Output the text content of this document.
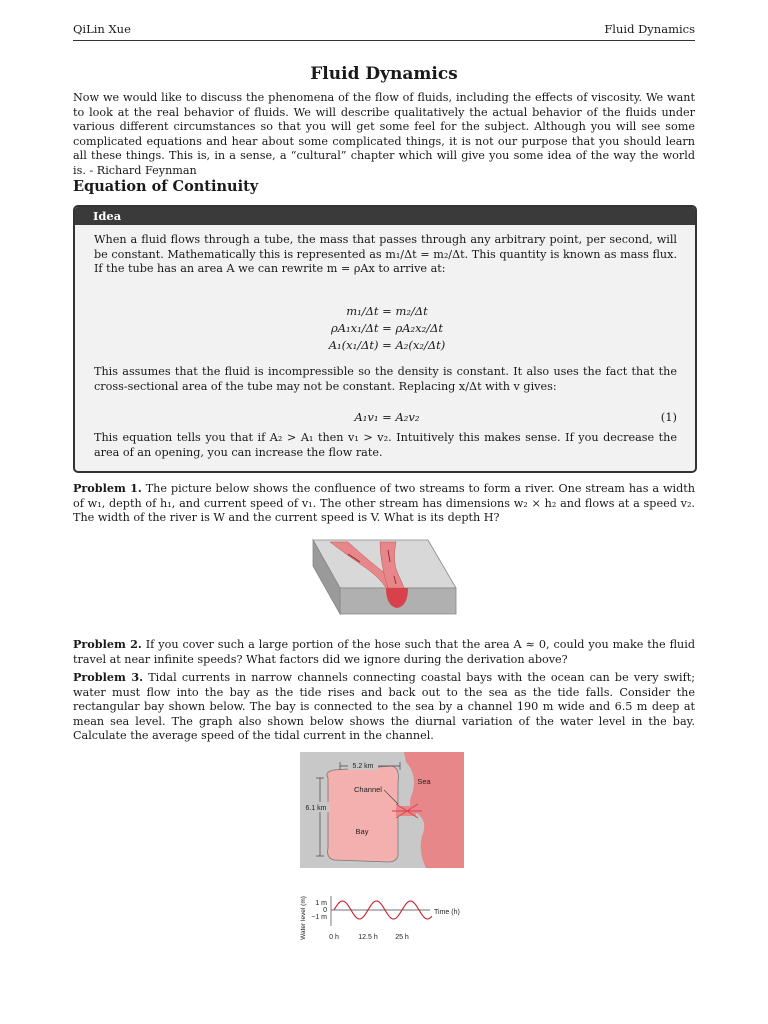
QiLin Xue	Fluid Dynamics
Fluid Dynamics
Now we would like to discuss the phenomena of the flow of fluids, including the effects of viscosity. We want to look at the real behavior of fluids. We will describe qualitatively the actual behavior of the fluids under various different circumstances so that you will get some feel for the subject. Although you will see some complicated equations and hear about some complicated things, it is not our purpose that you should learn all these things. This is, in a sense, a “cultural” chapter which will give you some idea of the way the world is. - Richard Feynman
Equation of Continuity
Idea
When a fluid flows through a tube, the mass that passes through any arbitrary point, per second, will be constant. Mathematically this is represented as m₁/Δt = m₂/Δt. This quantity is known as mass flux. If the tube has an area A we can rewrite m = ρAx to arrive at:
m₁/Δt = m₂/Δt
ρA₁x₁/Δt = ρA₂x₂/Δt
A₁(x₁/Δt) = A₂(x₂/Δt)
This assumes that the fluid is incompressible so the density is constant. It also uses the fact that the cross-sectional area of the tube may not be constant. Replacing x/Δt with v gives:
A₁v₁ = A₂v₂	(1)
This equation tells you that if A₂ > A₁ then v₁ > v₂. Intuitively this makes sense. If you decrease the area of an opening, you can increase the flow rate.
Problem 1. The picture below shows the confluence of two streams to form a river. One stream has a width of w₁, depth of h₁, and current speed of v₁. The other stream has dimensions w₂ × h₂ and flows at a speed v₂. The width of the river is W and the current speed is V. What is its depth H?
Problem 2. If you cover such a large portion of the hose such that the area A ≈ 0, could you make the fluid travel at near infinite speeds? What factors did we ignore during the derivation above?
Problem 3. Tidal currents in narrow channels connecting coastal bays with the ocean can be very swift; water must flow into the bay as the tide rises and back out to the sea as the tide falls. Consider the rectangular bay shown below. The bay is connected to the sea by a channel 190 m wide and 6.5 m deep at mean sea level. The graph also shown below shows the diurnal variation of the water level in the bay. Calculate the average speed of the tidal current in the channel.
5.2 km
6.1 km
Channel
Bay
Sea
Water level (m) 1 m
0
−1 m
Time (h)
0 h	12.5 h 25 h
